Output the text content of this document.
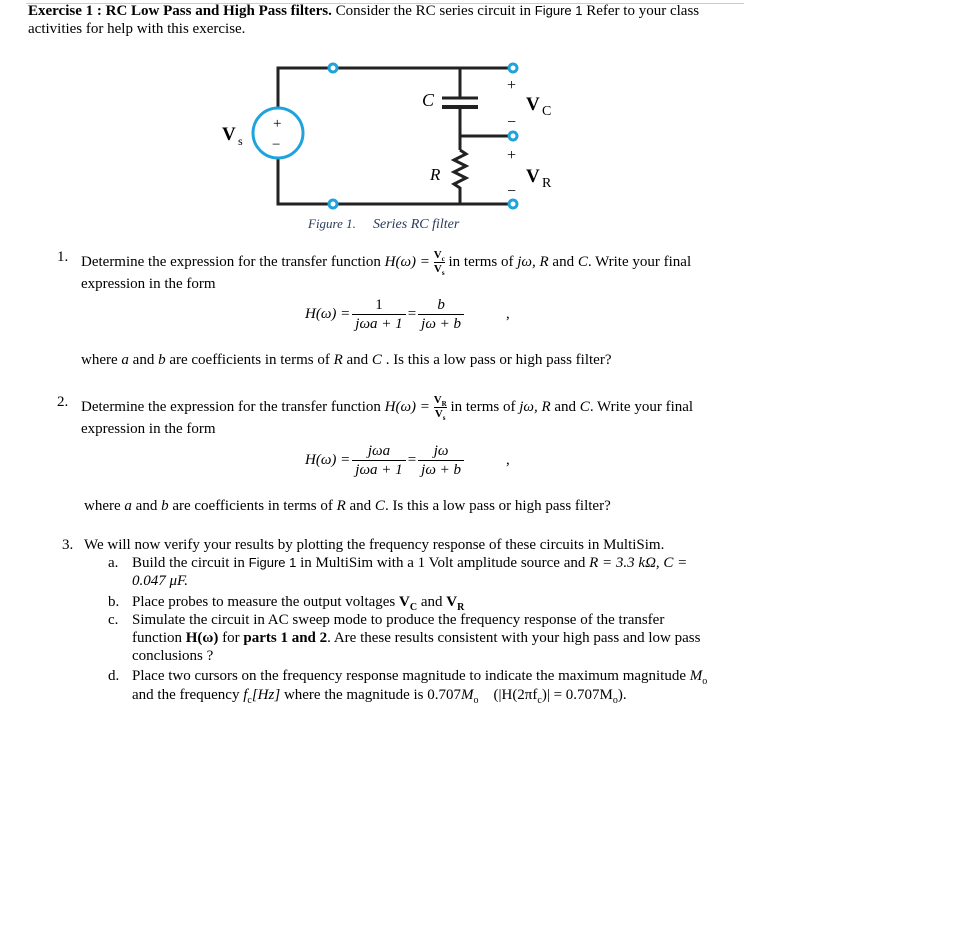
Exercise 1 : RC Low Pass and High Pass filters. Consider the RC series circuit in Figure 1 Refer to your class
activities for help with this exercise.
+
−
C
R
V s
+
−
+
−
V C
V R
Figure 1. Series RC filter
1. Determine the expression for the transfer function $H(\omega) = \frac{V_c}{V_s}$ in terms of jω, R and C. Write your final
expression in the form
H(ω) =
1
jωa + 1
= $\frac{b}{j\omega + b}$	,
where a and b are coefficients in terms of R and C . Is this a low pass or high pass filter?
2. Determine the expression for the transfer function $H(\omega) = \frac{V_R}{V_s}$ in terms of jω, R and C. Write your final
expression in the form
H(ω) =
jωa
jωa + 1
= $\frac{j\omega}{j\omega + b}$	,
where a and b are coefficients in terms of R and C. Is this a low pass or high pass filter?
3. We will now verify your results by plotting the frequency response of these circuits in MultiSim.
a. Build the circuit in Figure 1 in MultiSim with a 1 Volt amplitude source and R = 3.3 kΩ, C =
0.047 μF.
b. Place probes to measure the output voltages $V_C$ and $V_R$
c. Simulate the circuit in AC sweep mode to produce the frequency response of the transfer
function H(ω) for parts 1 and 2. Are these results consistent with your high pass and low pass
conclusions ?
d. Place two cursors on the frequency response magnitude to indicate the maximum magnitude $M_o$
and the frequency $f_c[Hz]$ where the magnitude is $0.707M_o$    $(|H(2\pi f_c)| = 0.707M_o)$.
